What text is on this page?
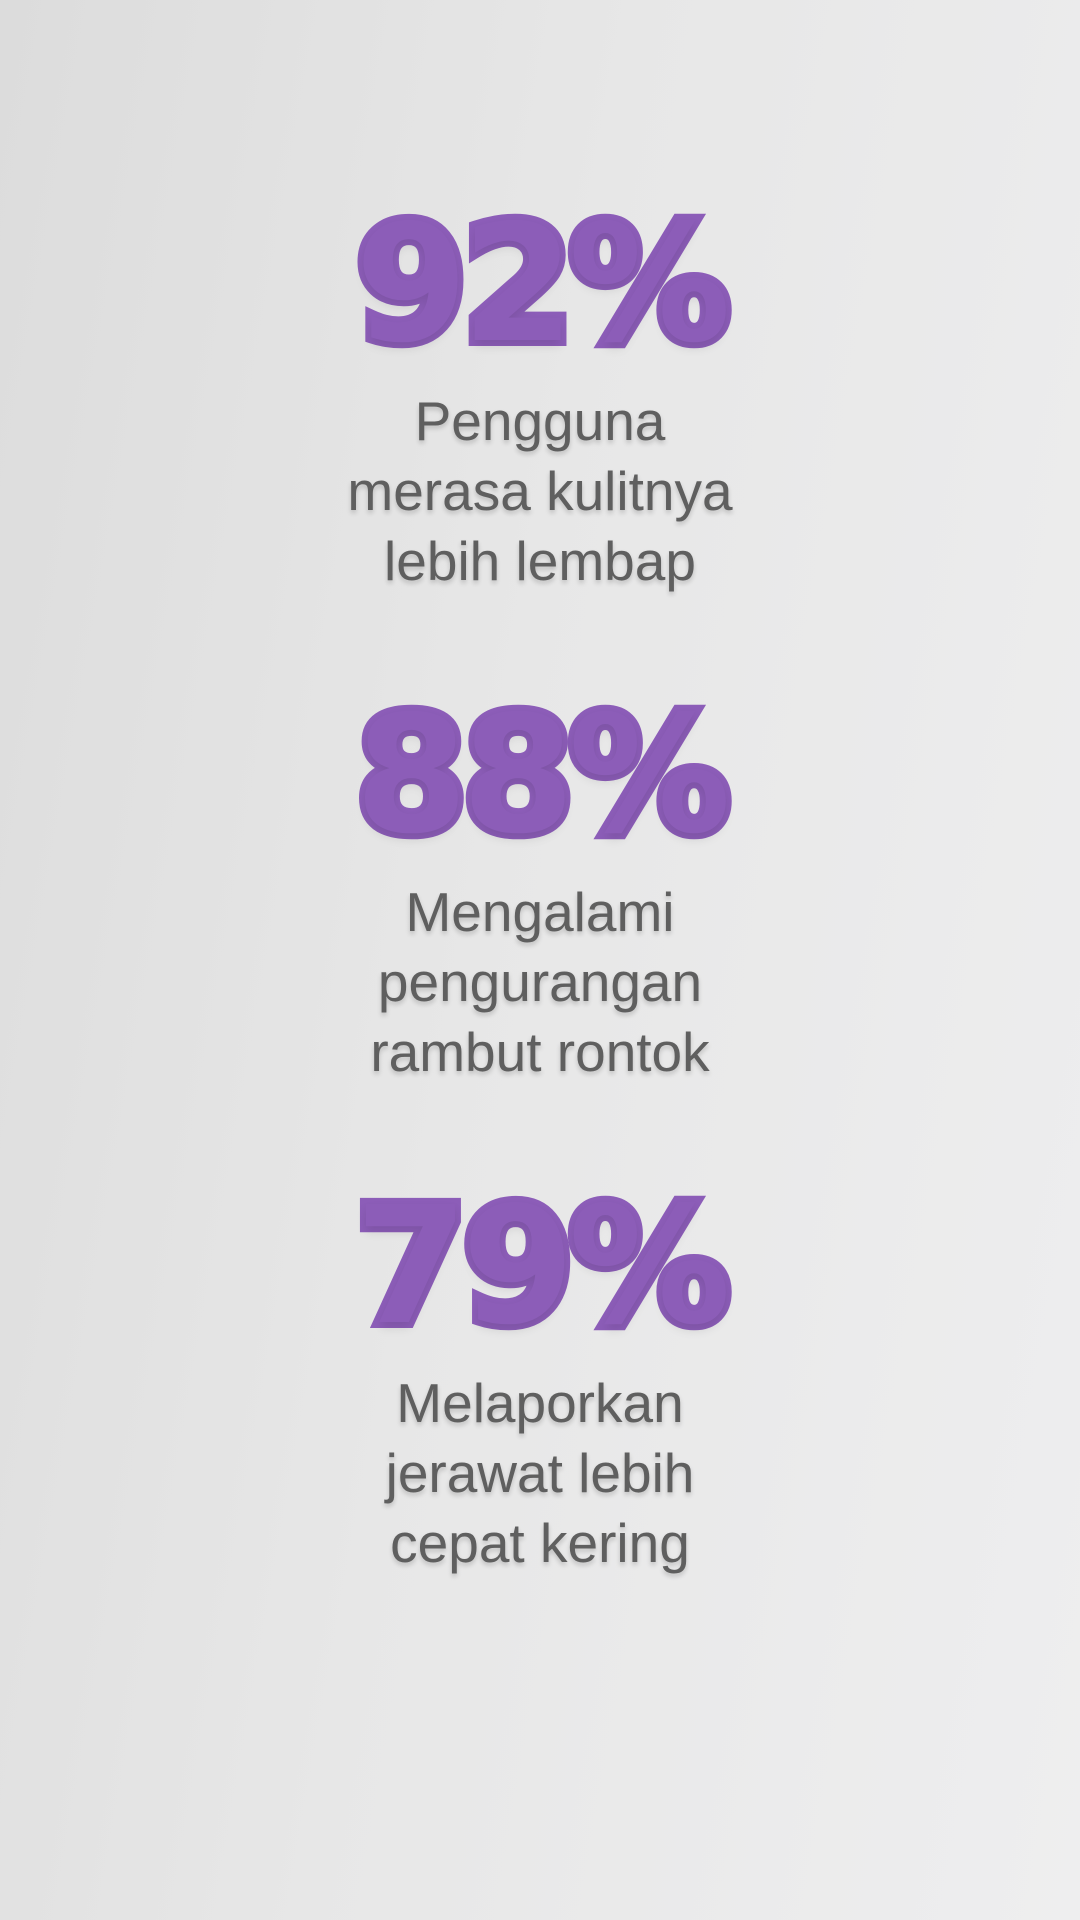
92%
Pengguna
merasa kulitnya
lebih lembap
88%
Mengalami
pengurangan
rambut rontok
79%
Melaporkan
jerawat lebih
cepat kering
